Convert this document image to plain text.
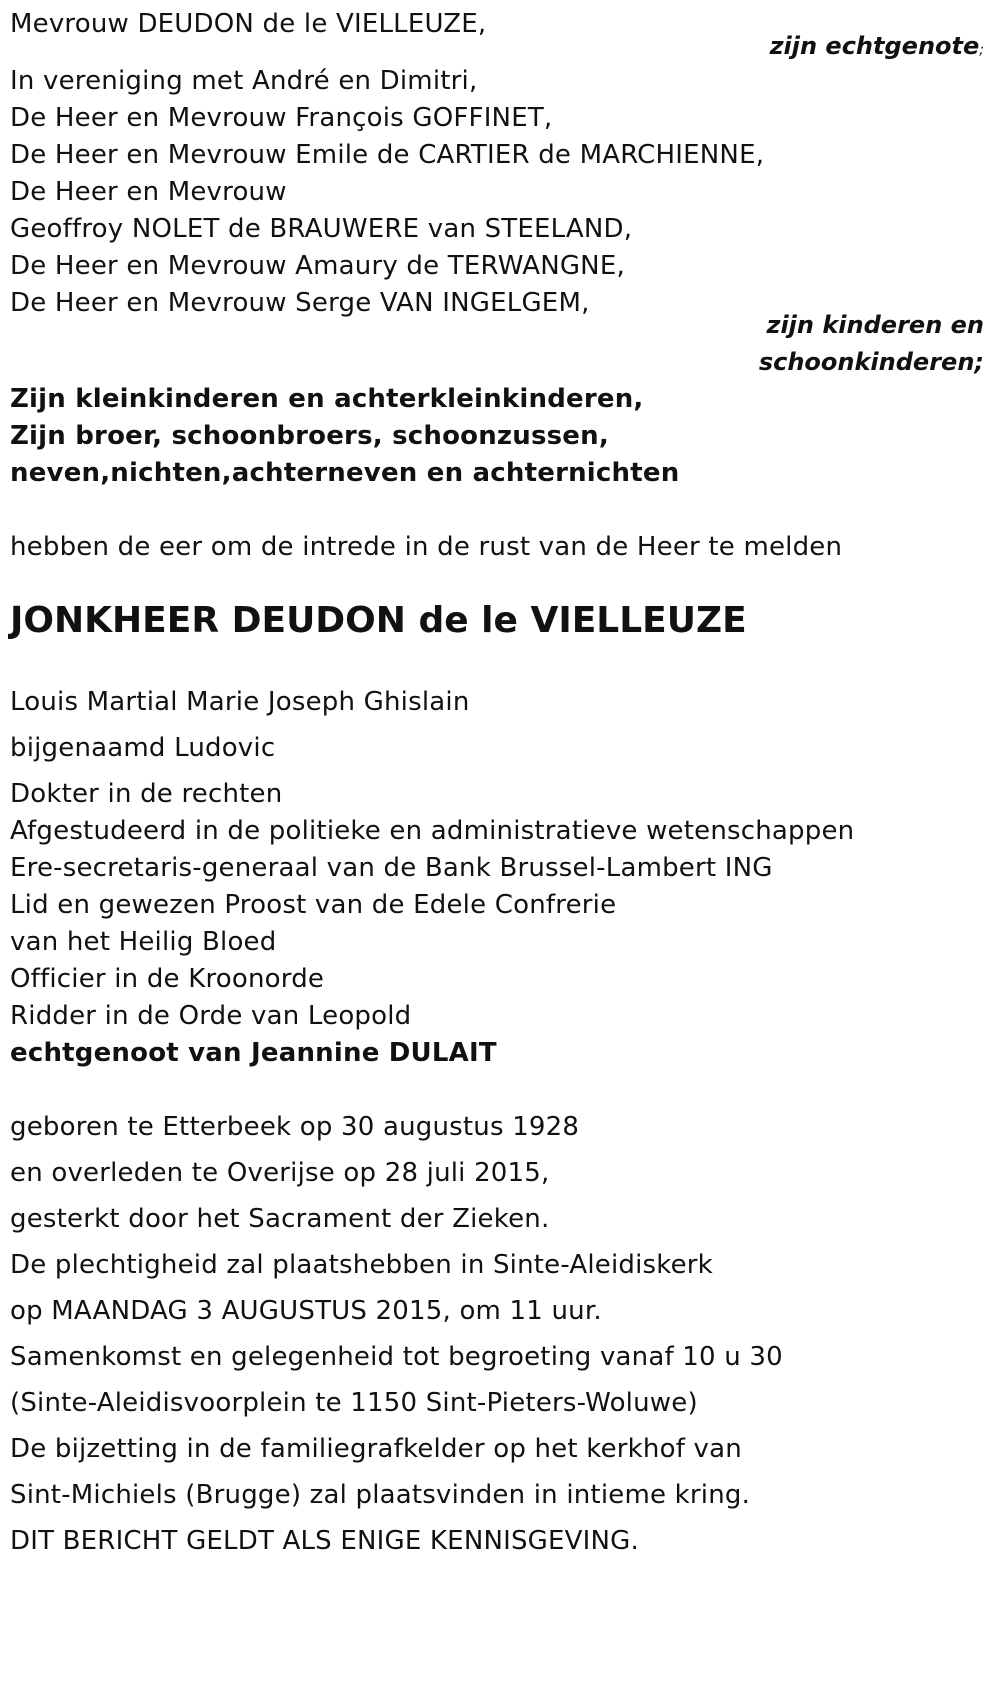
Mevrouw DEUDON de le VIELLEUZE,

zijn echtgenote;

In vereniging met André en Dimitri,

De Heer en Mevrouw François GOFFINET,

De Heer en Mevrouw Emile de CARTIER de MARCHIENNE,

De Heer en Mevrouw

Geoffroy NOLET de BRAUWERE van STEELAND,

De Heer en Mevrouw Amaury de TERWANGNE,

De Heer en Mevrouw Serge VAN INGELGEM,

zijn kinderen en

schoonkinderen;

Zijn kleinkinderen en achterkleinkinderen,

Zijn broer, schoonbroers, schoonzussen,

neven,nichten,achterneven en achternichten

hebben de eer om de intrede in de rust van de Heer te melden

JONKHEER DEUDON de le VIELLEUZE

Louis Martial Marie Joseph Ghislain

bijgenaamd Ludovic

Dokter in de rechten

Afgestudeerd in de politieke en administratieve wetenschappen

Ere-secretaris-generaal van de Bank Brussel-Lambert ING

Lid en gewezen Proost van de Edele Confrerie

van het Heilig Bloed

Officier in de Kroonorde

Ridder in de Orde van Leopold

echtgenoot van Jeannine DULAIT

geboren te Etterbeek op 30 augustus 1928

en overleden te Overijse op 28 juli 2015,

gesterkt door het Sacrament der Zieken.

De plechtigheid zal plaatshebben in Sinte-Aleidiskerk

op MAANDAG 3 AUGUSTUS 2015, om 11 uur.

Samenkomst en gelegenheid tot begroeting vanaf 10 u 30

(Sinte-Aleidisvoorplein te 1150 Sint-Pieters-Woluwe)

De bijzetting in de familiegrafkelder op het kerkhof van

Sint-Michiels (Brugge) zal plaatsvinden in intieme kring.

DIT BERICHT GELDT ALS ENIGE KENNISGEVING.
